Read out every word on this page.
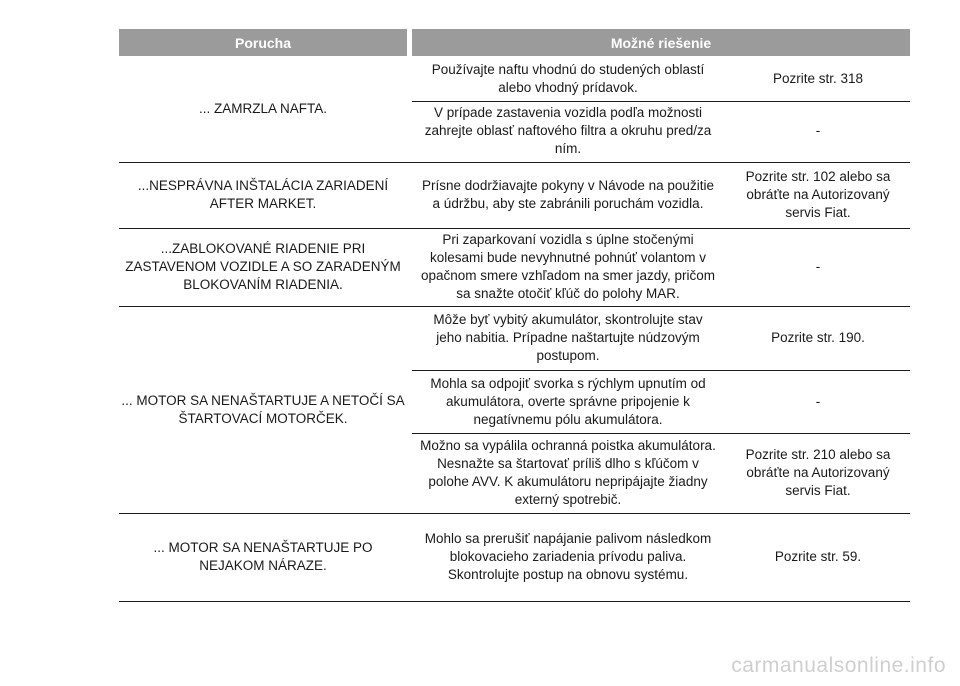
Porucha	Možné riešenie
... ZAMRZLA NAFTA.
Používajte naftu vhodnú do studených oblastí alebo vhodný prídavok.
Pozrite str. 318
V prípade zastavenia vozidla podľa možnosti zahrejte oblasť naftového filtra a okruhu pred/za ním.
-
...NESPRÁVNA INŠTALÁCIA ZARIADENÍ AFTER MARKET.
Prísne dodržiavajte pokyny v Návode na použitie a údržbu, aby ste zabránili poruchám vozidla.
Pozrite str. 102 alebo sa obráťte na Autorizovaný servis Fiat.
...ZABLOKOVANÉ RIADENIE PRI ZASTAVENOM VOZIDLE A SO ZARADENÝM BLOKOVANÍM RIADENIA.
Pri zaparkovaní vozidla s úplne stočenými kolesami bude nevyhnutné pohnúť volantom v opačnom smere vzhľadom na smer jazdy, pričom sa snažte otočiť kľúč do polohy MAR.
-
... MOTOR SA NENAŠTARTUJE A NETOČÍ SA ŠTARTOVACÍ MOTORČEK.
Môže byť vybitý akumulátor, skontrolujte stav jeho nabitia. Prípadne naštartujte núdzovým postupom.
Pozrite str. 190.
Mohla sa odpojiť svorka s rýchlym upnutím od akumulátora, overte správne pripojenie k negatívnemu pólu akumulátora.
-
Možno sa vypálila ochranná poistka akumulátora. Nesnažte sa štartovať príliš dlho s kľúčom v polohe AVV. K akumulátoru nepripájajte žiadny externý spotrebič.
Pozrite str. 210 alebo sa obráťte na Autorizovaný servis Fiat.
... MOTOR SA NENAŠTARTUJE PO NEJAKOM NÁRAZE.
Mohlo sa prerušiť napájanie palivom následkom blokovacieho zariadenia prívodu paliva. Skontrolujte postup na obnovu systému.
Pozrite str. 59.
carmanualsonline.info
